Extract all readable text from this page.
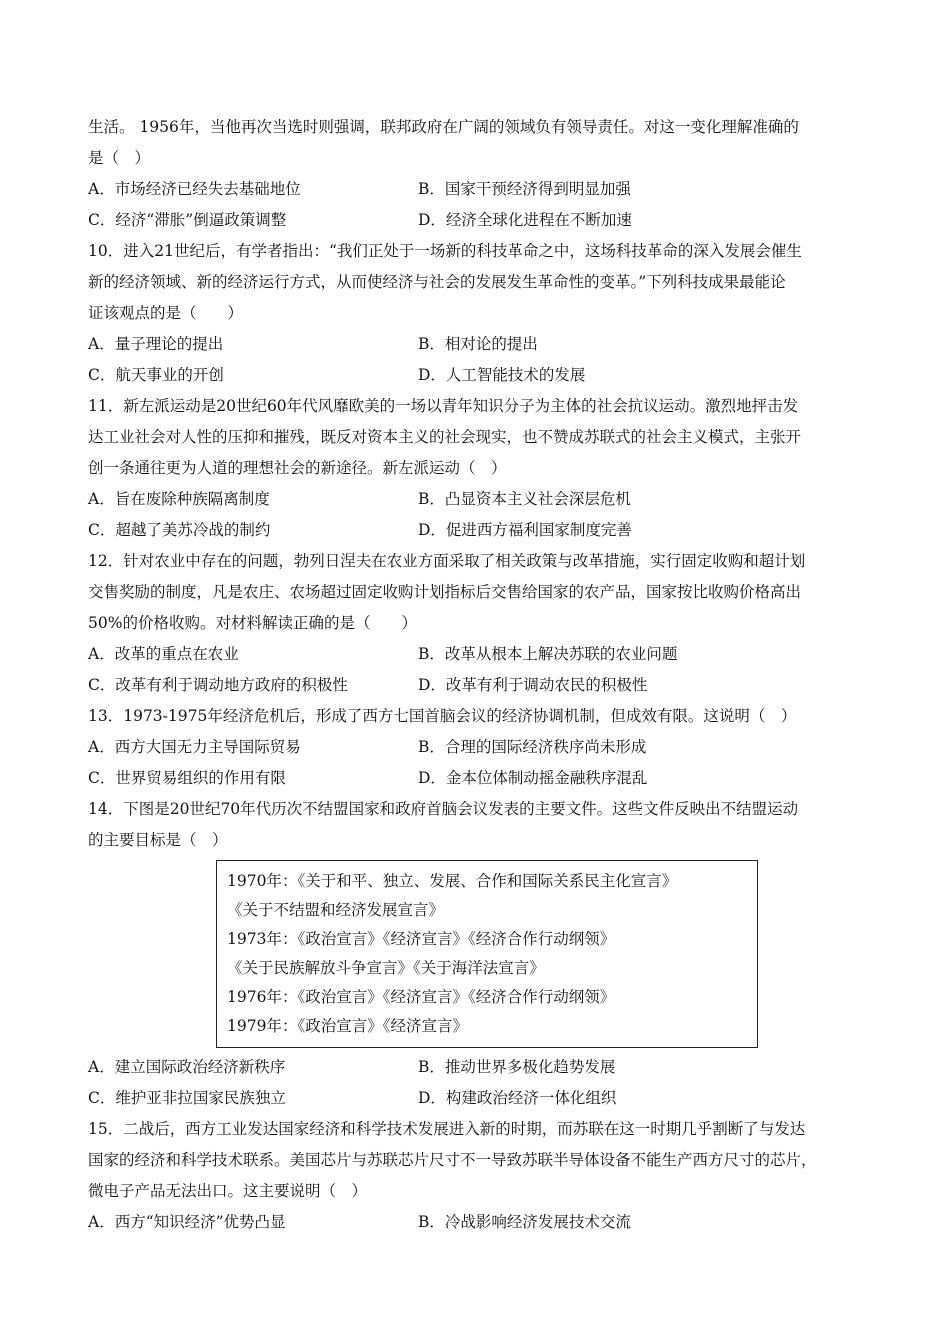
生活。 1956年，当他再次当选时则强调，联邦政府在广阔的领域负有领导责任。对这一变化理解准确的
是（　）
A．市场经济已经失去基础地位	B．国家干预经济得到明显加强
C．经济“滞胀”倒逼政策调整	D．经济全球化进程在不断加速
10．进入21世纪后，有学者指出：“我们正处于一场新的科技革命之中，这场科技革命的深入发展会催生
新的经济领域、新的经济运行方式，从而使经济与社会的发展发生革命性的变革。”下列科技成果最能论
证该观点的是（　　）
A．量子理论的提出	B．相对论的提出
C．航天事业的开创	D．人工智能技术的发展
11．新左派运动是20世纪60年代风靡欧美的一场以青年知识分子为主体的社会抗议运动。激烈地抨击发
达工业社会对人性的压抑和摧残，既反对资本主义的社会现实，也不赞成苏联式的社会主义模式，主张开
创一条通往更为人道的理想社会的新途径。新左派运动（　）
A．旨在废除种族隔离制度	B．凸显资本主义社会深层危机
C．超越了美苏冷战的制约	D．促进西方福利国家制度完善
12．针对农业中存在的问题，勃列日涅夫在农业方面采取了相关政策与改革措施，实行固定收购和超计划
交售奖励的制度，凡是农庄、农场超过固定收购计划指标后交售给国家的农产品，国家按比收购价格高出
50%的价格收购。对材料解读正确的是（　　）
A．改革的重点在农业	B．改革从根本上解决苏联的农业问题
C．改革有利于调动地方政府的积极性	D．改革有利于调动农民的积极性
13．1973-1975年经济危机后，形成了西方七国首脑会议的经济协调机制，但成效有限。这说明（　）
A．西方大国无力主导国际贸易	B．合理的国际经济秩序尚未形成
C．世界贸易组织的作用有限	D．金本位体制动摇金融秩序混乱
14．下图是20世纪70年代历次不结盟国家和政府首脑会议发表的主要文件。这些文件反映出不结盟运动
的主要目标是（　）
1970年：《关于和平、独立、发展、合作和国际关系民主化宣言》
《关于不结盟和经济发展宣言》
1973年：《政治宣言》《经济宣言》《经济合作行动纲领》
《关于民族解放斗争宣言》《关于海洋法宣言》
1976年：《政治宣言》《经济宣言》《经济合作行动纲领》
1979年：《政治宣言》《经济宣言》
A．建立国际政治经济新秩序	B．推动世界多极化趋势发展
C．维护亚非拉国家民族独立	D．构建政治经济一体化组织
15．二战后，西方工业发达国家经济和科学技术发展进入新的时期，而苏联在这一时期几乎割断了与发达
国家的经济和科学技术联系。美国芯片与苏联芯片尺寸不一导致苏联半导体设备不能生产西方尺寸的芯片，
微电子产品无法出口。这主要说明（　）
A．西方“知识经济”优势凸显	B．冷战影响经济发展技术交流
